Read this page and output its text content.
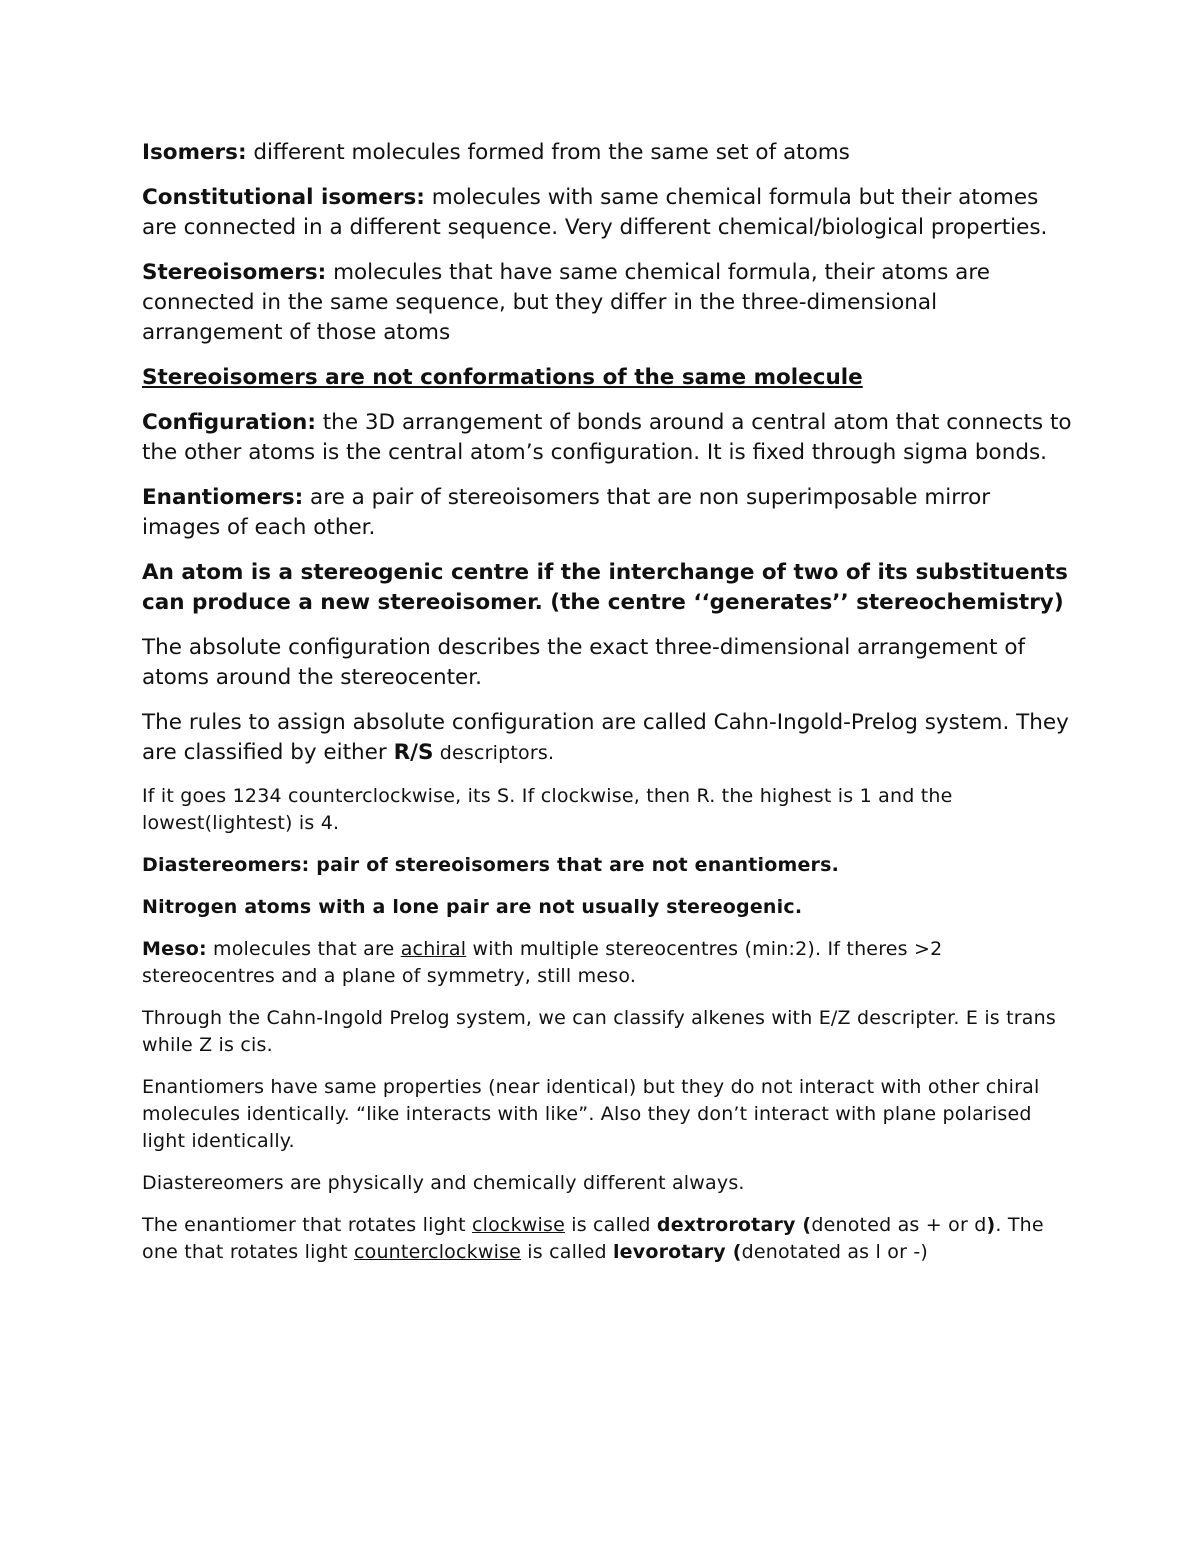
Isomers: different molecules formed from the same set of atoms

Constitutional isomers: molecules with same chemical formula but their atomes are connected in a different sequence. Very different chemical/biological properties.

Stereoisomers: molecules that have same chemical formula, their atoms are connected in the same sequence, but they differ in the three-dimensional arrangement of those atoms

Stereoisomers are not conformations of the same molecule

Configuration: the 3D arrangement of bonds around a central atom that connects to the other atoms is the central atom’s configuration. It is fixed through sigma bonds.

Enantiomers: are a pair of stereoisomers that are non superimposable mirror images of each other.

An atom is a stereogenic centre if the interchange of two of its substituents can produce a new stereoisomer. (the centre ‘‘generates’’ stereochemistry)

The absolute configuration describes the exact three-dimensional arrangement of atoms around the stereocenter.

The rules to assign absolute configuration are called Cahn-Ingold-Prelog system. They are classified by either R/S descriptors.

If it goes 1234 counterclockwise, its S. If clockwise, then R. the highest is 1 and the lowest(lightest) is 4.

Diastereomers: pair of stereoisomers that are not enantiomers.

Nitrogen atoms with a lone pair are not usually stereogenic.

Meso: molecules that are achiral with multiple stereocentres (min:2). If theres >2 stereocentres and a plane of symmetry, still meso.

Through the Cahn-Ingold Prelog system, we can classify alkenes with E/Z descripter. E is trans while Z is cis.

Enantiomers have same properties (near identical) but they do not interact with other chiral molecules identically. “like interacts with like”. Also they don’t interact with plane polarised light identically.

Diastereomers are physically and chemically different always.

The enantiomer that rotates light clockwise is called dextrorotary (denoted as + or d). The one that rotates light counterclockwise is called levorotary (denotated as l or -)
